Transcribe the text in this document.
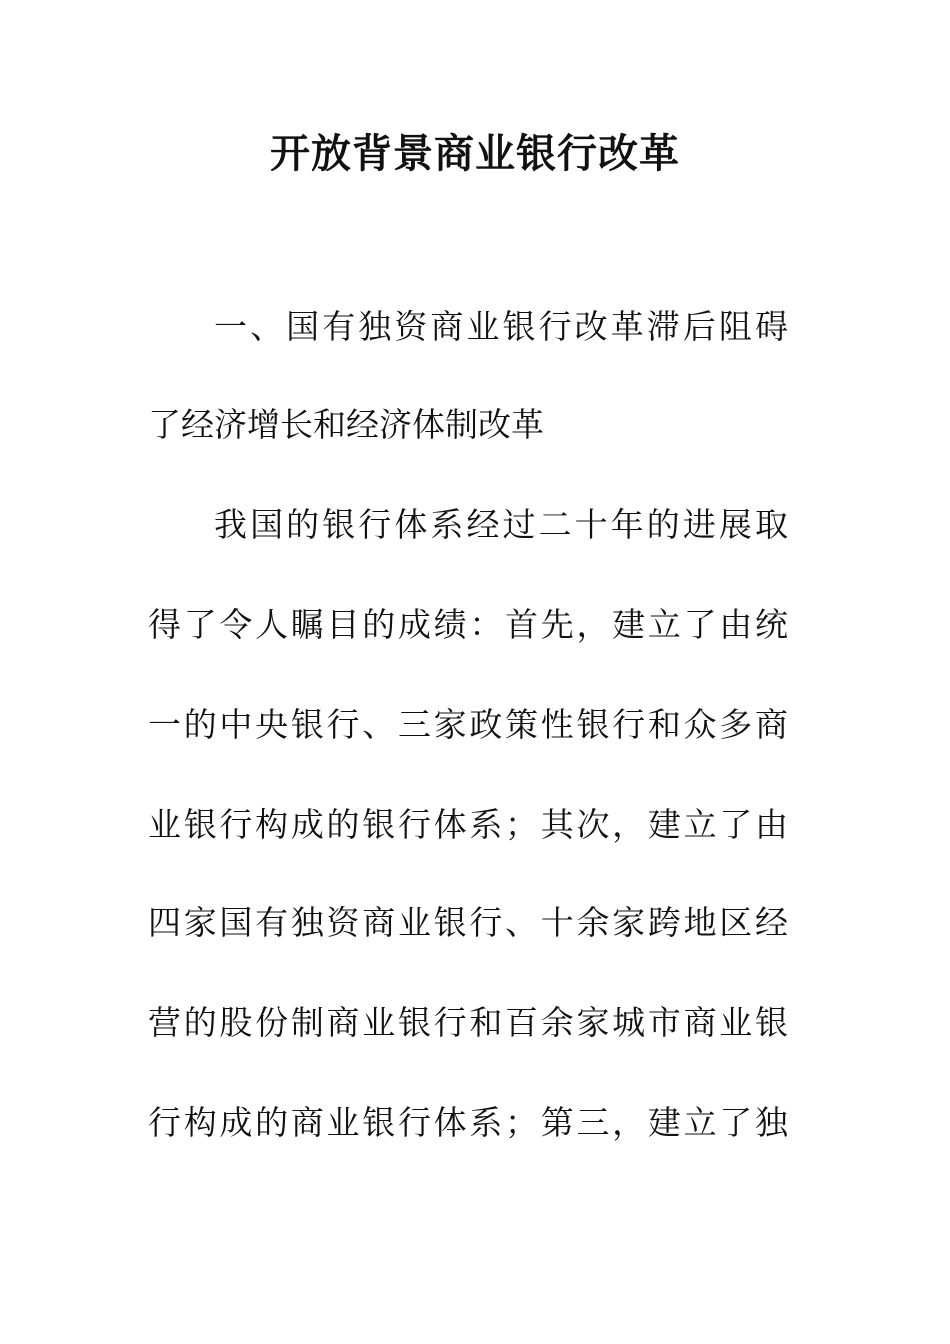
开放背景商业银行改革
一、国有独资商业银行改革滞后阻碍
了经济增长和经济体制改革
我国的银行体系经过二十年的进展取
得了令人瞩目的成绩：首先，建立了由统
一的中央银行、三家政策性银行和众多商
业银行构成的银行体系；其次，建立了由
四家国有独资商业银行、十余家跨地区经
营的股份制商业银行和百余家城市商业银
行构成的商业银行体系；第三，建立了独
